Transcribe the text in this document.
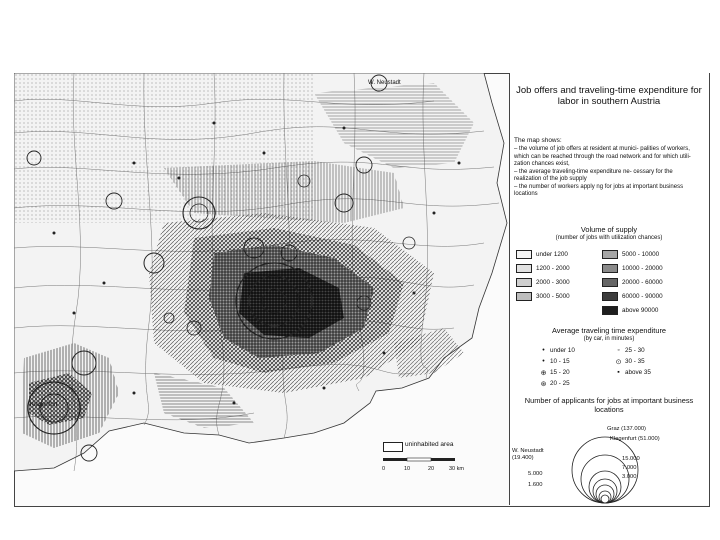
W. Neustadt
Klagenfurt
uninhabited area
0	10	20	30 km
Job offers and traveling-time expenditure for labor in southern Austria
The map shows:
– the volume of job offers at resident at munici- palities of workers, which can be reached through the road network and for which utili- zation chances exist,
– the average traveling-time expenditure ne- cessary for the realization of the job supply
– the number of workers apply ng for jobs at important business locations
Volume of supply
(number of jobs with utilization chances)
under 1200
1200 - 2000
2000 - 3000
3000 - 5000
5000 - 10000
10000 - 20000
20000 - 60000
60000 - 90000
above 90000
Average traveling time expenditure
(by car, in minutes)
• under 10	◦ 25 - 30
• 10 - 15	⊙ 30 - 35
⊕ 15 - 20	▪ above 35
⊛ 20 - 25
Number of applicants for jobs at important business locations
Graz (137.000)
Klagenfurt (51.000)
W. Neustadt (19.400)	15.000
7.000
3.000
5.000
1.600
